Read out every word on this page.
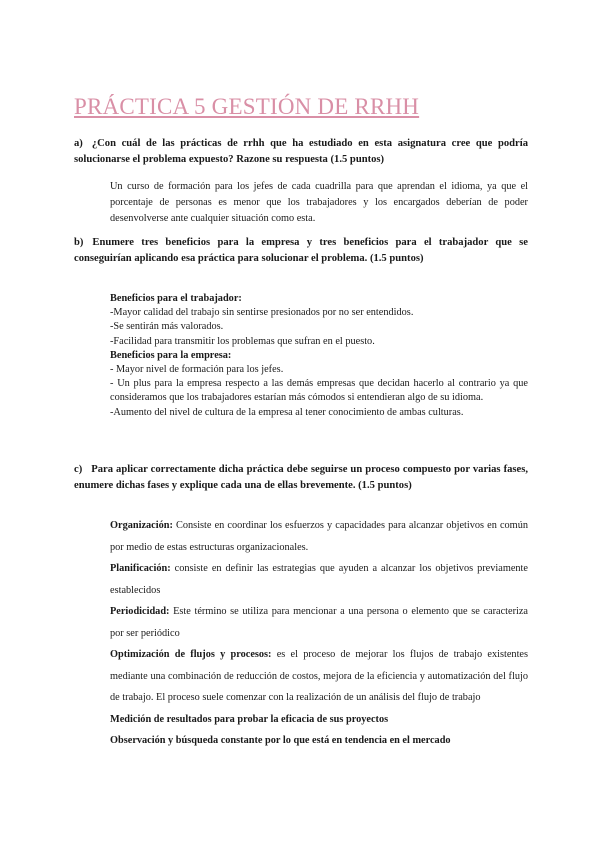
PRÁCTICA 5 GESTIÓN DE RRHH

a) ¿Con cuál de las prácticas de rrhh que ha estudiado en esta asignatura cree que podría solucionarse el problema expuesto? Razone su respuesta (1.5 puntos)

Un curso de formación para los jefes de cada cuadrilla para que aprendan el idioma, ya que el porcentaje de personas es menor que los trabajadores y los encargados deberían de poder desenvolverse ante cualquier situación como esta.

b) Enumere tres beneficios para la empresa y tres beneficios para el trabajador que se conseguirían aplicando esa práctica para solucionar el problema. (1.5 puntos)

Beneficios para el trabajador:

-Mayor calidad del trabajo sin sentirse presionados por no ser entendidos.

-Se sentirán más valorados.

-Facilidad para transmitir los problemas que sufran en el puesto.

Beneficios para la empresa:

- Mayor nivel de formación para los jefes.

- Un plus para la empresa respecto a las demás empresas que decidan hacerlo al contrario ya que consideramos que los trabajadores estarían más cómodos si entendieran algo de su idioma.

-Aumento del nivel de cultura de la empresa al tener conocimiento de ambas culturas.

c) Para aplicar correctamente dicha práctica debe seguirse un proceso compuesto por varias fases, enumere dichas fases y explique cada una de ellas brevemente. (1.5 puntos)

Organización: Consiste en coordinar los esfuerzos y capacidades para alcanzar objetivos en común por medio de estas estructuras organizacionales.

Planificación: consiste en definir las estrategias que ayuden a alcanzar los objetivos previamente establecidos

Periodicidad: Este término se utiliza para mencionar a una persona o elemento que se caracteriza por ser periódico

Optimización de flujos y procesos: es el proceso de mejorar los flujos de trabajo existentes mediante una combinación de reducción de costos, mejora de la eficiencia y automatización del flujo de trabajo. El proceso suele comenzar con la realización de un análisis del flujo de trabajo

Medición de resultados para probar la eficacia de sus proyectos

Observación y búsqueda constante por lo que está en tendencia en el mercado
